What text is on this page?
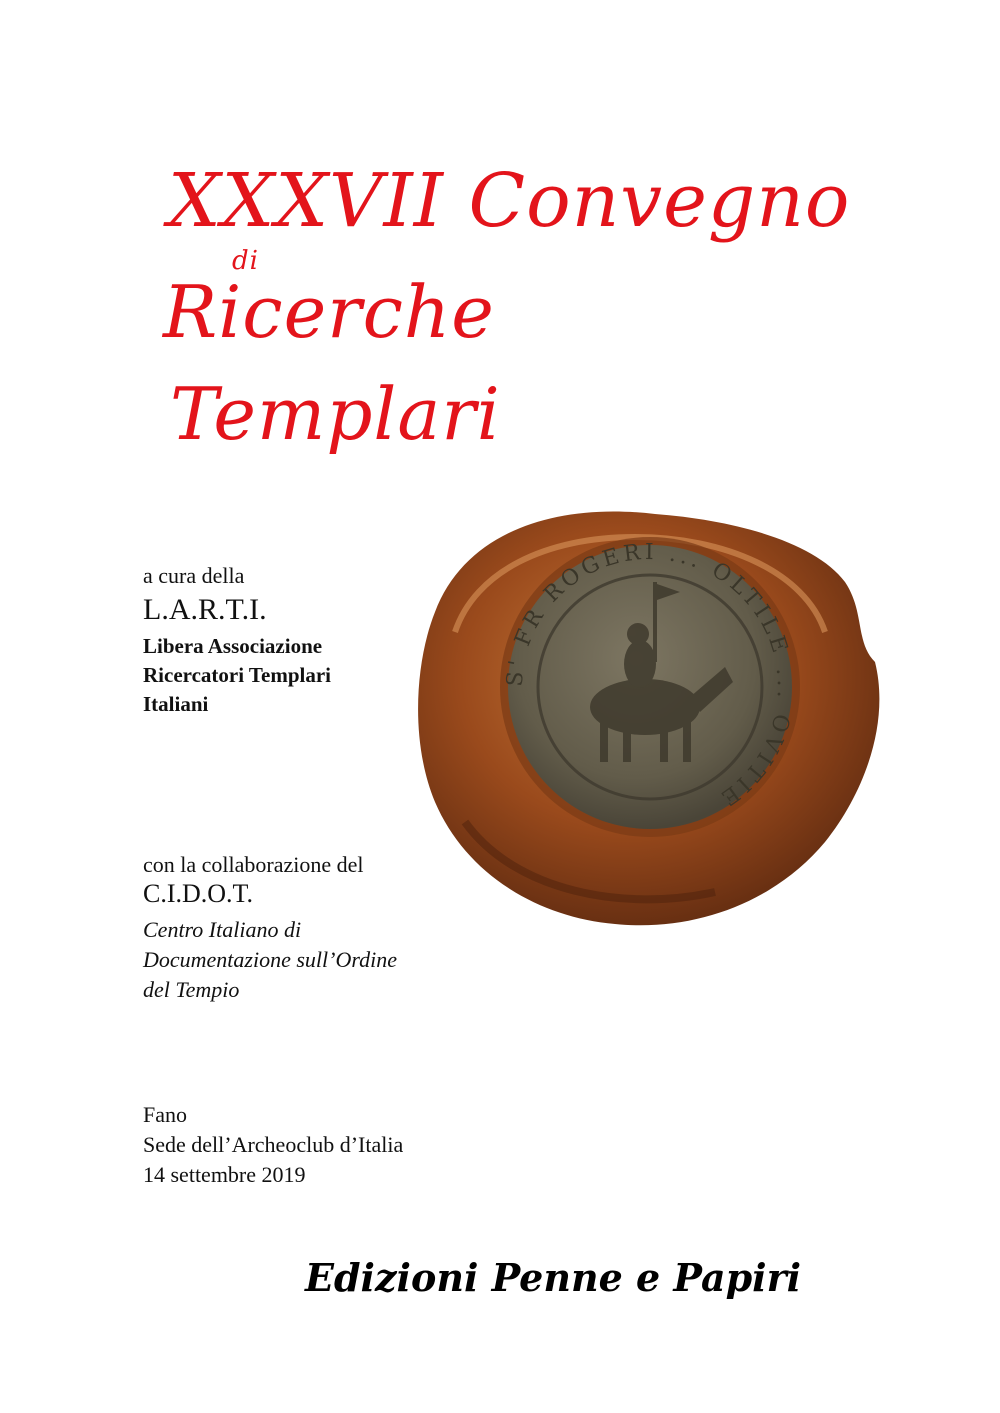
XXXVII Convegno
di
Ricerche
Templari
a cura della
L.A.R.T.I.
Libera Associazione
Ricercatori Templari
Italiani
con la collaborazione del
C.I.D.O.T.
Centro Italiano di
Documentazione sull’Ordine
del Tempio
Fano
Sede dell’Archeoclub d’Italia
14 settembre 2019
Edizioni Penne e Papiri
S' FR ROGERI ... OLTILE ... OVITIE
